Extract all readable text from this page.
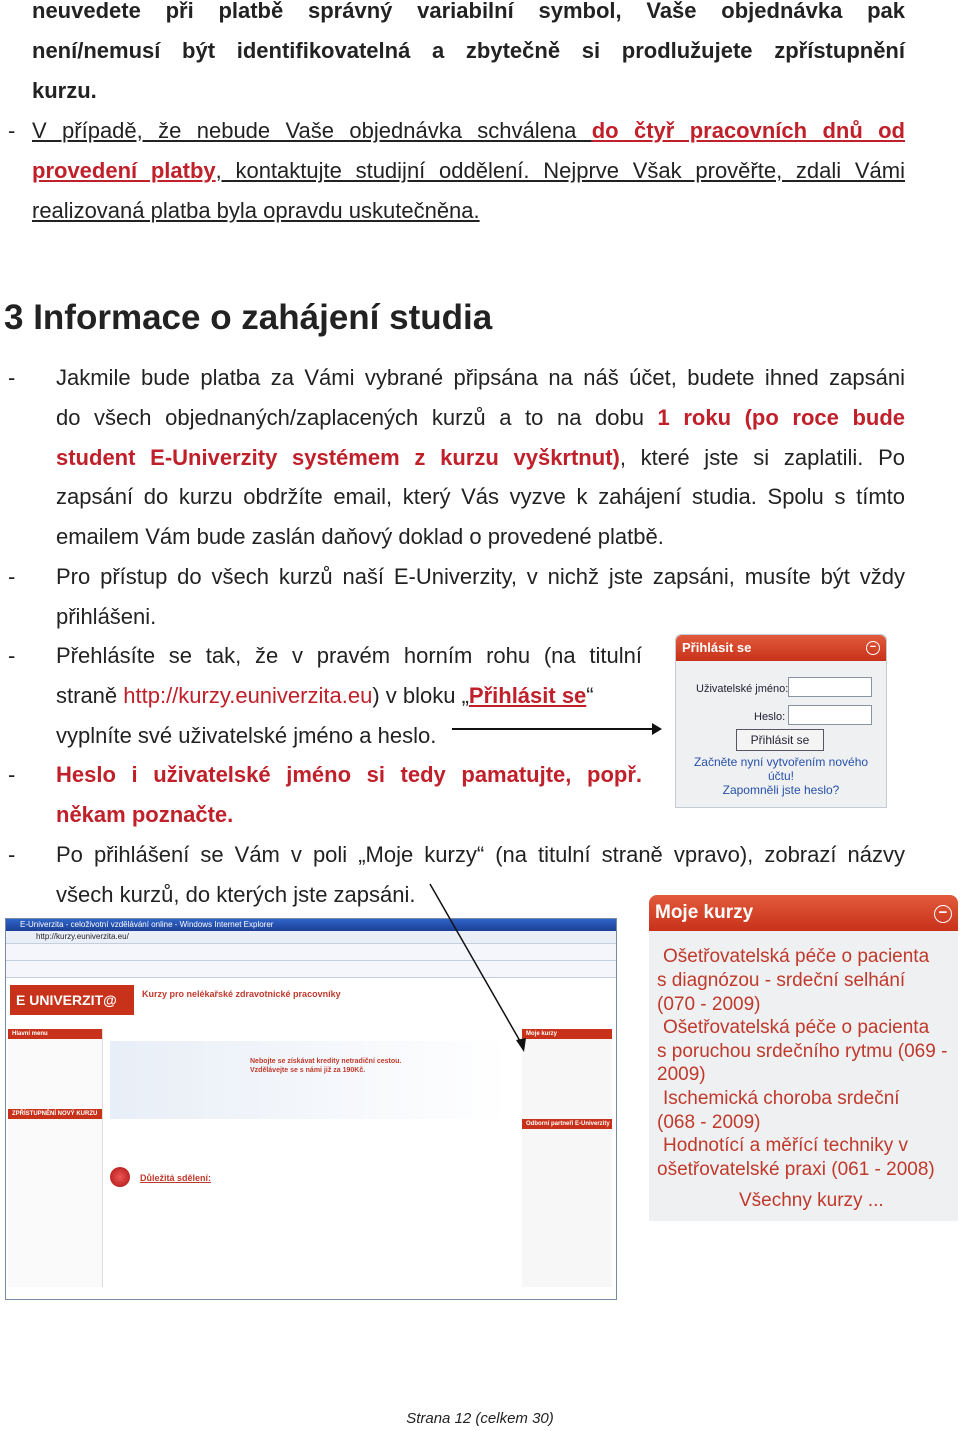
neuvedete při platbě správný variabilní symbol, Vaše objednávka pak
není/nemusí být identifikovatelná a zbytečně si prodlužujete zpřístupnění
kurzu.
- V případě, že nebude Vaše objednávka schválena do čtyř pracovních dnů od
provedení platby, kontaktujte studijní oddělení. Nejprve Však prověřte, zdali Vámi
realizovaná platba byla opravdu uskutečněna.
3 Informace o zahájení studia
- Jakmile bude platba za Vámi vybrané připsána na náš účet, budete ihned zapsáni
do všech objednaných/zaplacených kurzů a to na dobu 1 roku (po roce bude
student E-Univerzity systémem z kurzu vyškrtnut), které jste si zaplatili. Po
zapsání do kurzu obdržíte email, který Vás vyzve k zahájení studia. Spolu s tímto
emailem Vám bude zaslán daňový doklad o provedené platbě.
- Pro přístup do všech kurzů naší E-Univerzity, v nichž jste zapsáni, musíte být vždy
přihlášeni.
- Přehlásíte se tak, že v pravém horním rohu (na titulní
straně http://kurzy.euniverzita.eu) v bloku „Přihlásit se“
vyplníte své uživatelské jméno a heslo.
- Heslo i uživatelské jméno si tedy pamatujte, popř.
někam poznačte.
- Po přihlášení se Vám v poli „Moje kurzy“ (na titulní straně vpravo), zobrazí názvy
všech kurzů, do kterých jste zapsáni.
Přihlásit se	−
Uživatelské jméno:
Heslo:
Přihlásit se
Začněte nyní vytvořením nového
účtu!
Zapomněli jste heslo?
E-Univerzita - celoživotní vzdělávání online - Windows Internet Explorer
http://kurzy.euniverzita.eu/
E UNIVERZIT@	Kurzy pro nelékařské zdravotnické pracovníky
Hlavní menu
ZPŘÍSTUPNĚNÍ NOVÝ KURZU
Nebojte se získávat kredity netradiční cestou. Vzdělávejte se s námi již za 190Kč.
Důležitá sdělení:
Moje kurzy
Odborní partneři E-Univerzity
Moje kurzy	−
Ošetřovatelská péče o pacienta
s diagnózou - srdeční selhání
(070 - 2009)
Ošetřovatelská péče o pacienta
s poruchou srdečního rytmu (069 -
2009)
Ischemická choroba srdeční
(068 - 2009)
Hodnotící a měřící techniky v
ošetřovatelské praxi (061 - 2008)
Všechny kurzy ...
Strana 12 (celkem 30)
